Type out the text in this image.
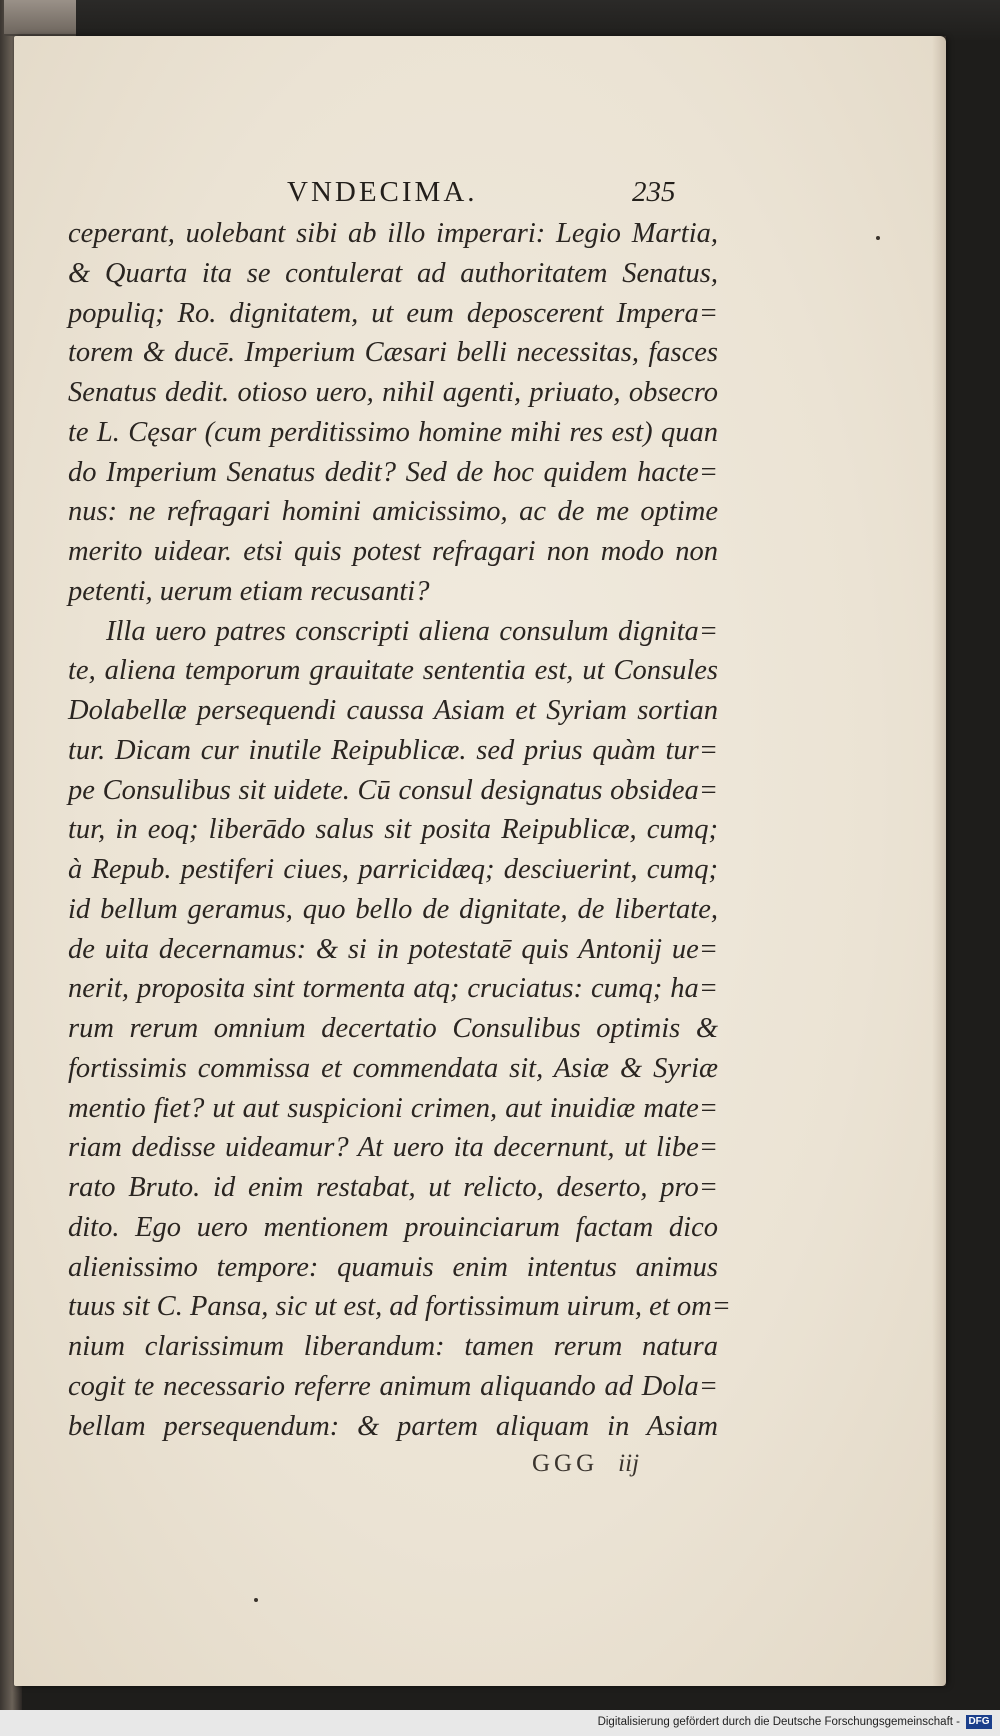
VNDECIMA.	235
ceperant, uolebant sibi ab illo imperari: Legio Martia,
& Quarta ita se contulerat ad authoritatem Senatus,
populiq; Ro. dignitatem, ut eum deposcerent Impera=
torem & ducē. Imperium Cæsari belli necessitas, fasces
Senatus dedit. otioso uero, nihil agenti, priuato, obsecro
te L. Cęsar (cum perditissimo homine mihi res est) quan
do Imperium Senatus dedit? Sed de hoc quidem hacte=
nus: ne refragari homini amicissimo, ac de me optime
merito uidear. etsi quis potest refragari non modo non
petenti, uerum etiam recusanti?
Illa uero patres conscripti aliena consulum dignita=
te, aliena temporum grauitate sententia est, ut Consules
Dolabellæ persequendi caussa Asiam et Syriam sortian
tur. Dicam cur inutile Reipublicæ. sed prius quàm tur=
pe Consulibus sit uidete. Cū consul designatus obsidea=
tur, in eoq; liberādo salus sit posita Reipublicæ, cumq;
à Repub. pestiferi ciues, parricidæq; desciuerint, cumq;
id bellum geramus, quo bello de dignitate, de libertate,
de uita decernamus: & si in potestatē quis Antonij ue=
nerit, proposita sint tormenta atq; cruciatus: cumq; ha=
rum rerum omnium decertatio Consulibus optimis &
fortissimis commissa et commendata sit, Asiæ & Syriæ
mentio fiet? ut aut suspicioni crimen, aut inuidiæ mate=
riam dedisse uideamur? At uero ita decernunt, ut libe=
rato Bruto. id enim restabat, ut relicto, deserto, pro=
dito. Ego uero mentionem prouinciarum factam dico
alienissimo tempore: quamuis enim intentus animus
tuus sit C. Pansa, sic ut est, ad fortissimum uirum, et om=
nium clarissimum liberandum: tamen rerum natura
cogit te necessario referre animum aliquando ad Dola=
bellam persequendum: & partem aliquam in Asiam
GGG iij
Digitalisierung gefördert durch die Deutsche Forschungsgemeinschaft - DFG
